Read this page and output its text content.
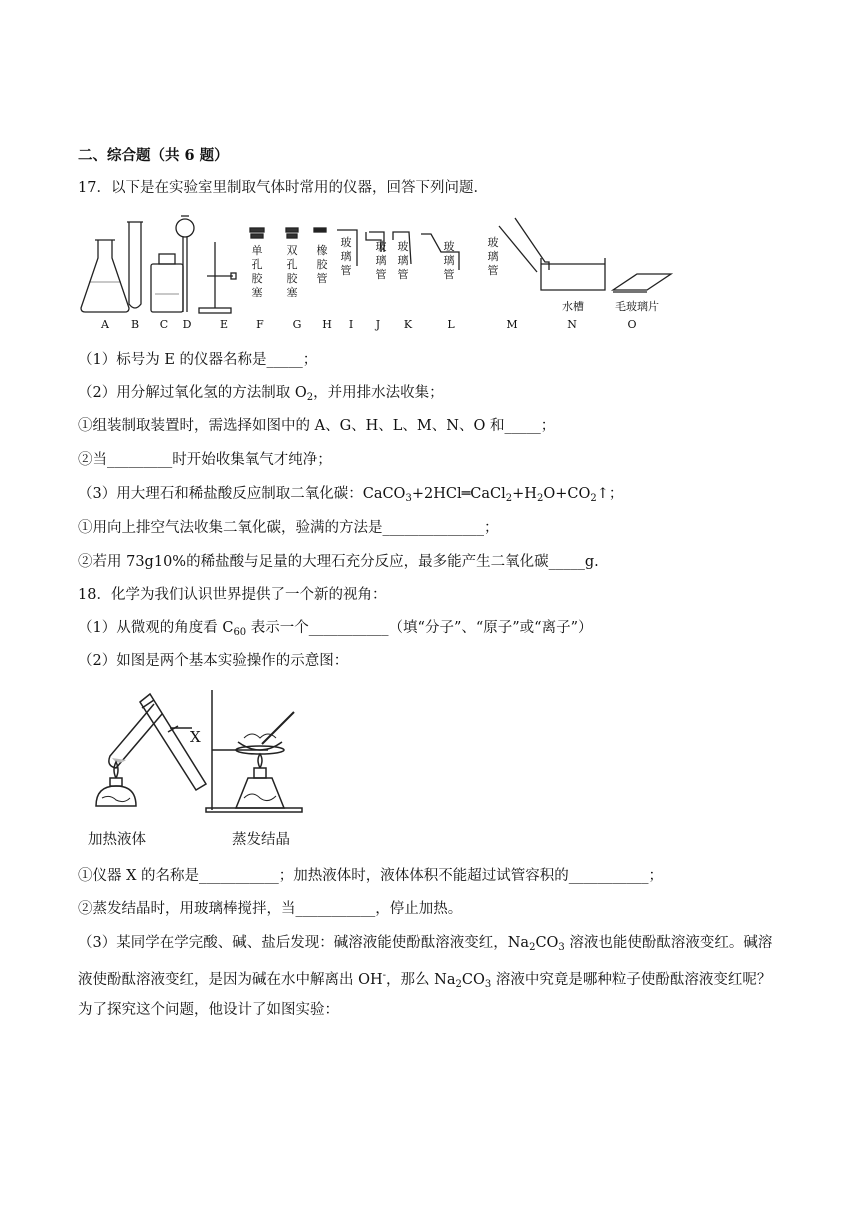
二、综合题（共 6 题）
17．以下是在实验室里制取气体时常用的仪器，回答下列问题．
单
孔
胶
塞
双
孔
胶
塞
橡
胶
管
玻
璃
管
玻
璃
管
玻
璃
管
玻
璃
管
玻
璃
管
水槽	毛玻璃片
A B C D	E	F	G H I J K	L	M	N	O
（1）标号为 E 的仪器名称是_____；
（2）用分解过氧化氢的方法制取 $O_2$，并用排水法收集；
①组装制取装置时，需选择如图中的 A、G、H、L、M、N、O 和_____；
②当_________时开始收集氧气才纯净；
（3）用大理石和稀盐酸反应制取二氧化碳：$CaCO_3+2HCl═CaCl_2+H_2O+CO_2↑$；
①用向上排空气法收集二氧化碳，验满的方法是______________；
②若用 73g10%的稀盐酸与足量的大理石充分反应，最多能产生二氧化碳_____g.
18．化学为我们认识世界提供了一个新的视角：
（1）从微观的角度看 $C_{60}$ 表示一个___________（填“分子”、“原子”或“离子”）
（2）如图是两个基本实验操作的示意图：
X
加热液体	蒸发结晶
①仪器 X 的名称是___________；加热液体时，液体体积不能超过试管容积的___________；
②蒸发结晶时，用玻璃棒搅拌，当___________，停止加热。
（3）某同学在学完酸、碱、盐后发现：碱溶液能使酚酞溶液变红，$Na_2CO_3$ 溶液也能使酚酞溶液变红。碱溶
液使酚酞溶液变红，是因为碱在水中解离出 OH-，那么 $Na_2CO_3$ 溶液中究竟是哪种粒子使酚酞溶液变红呢？
为了探究这个问题，他设计了如图实验：
